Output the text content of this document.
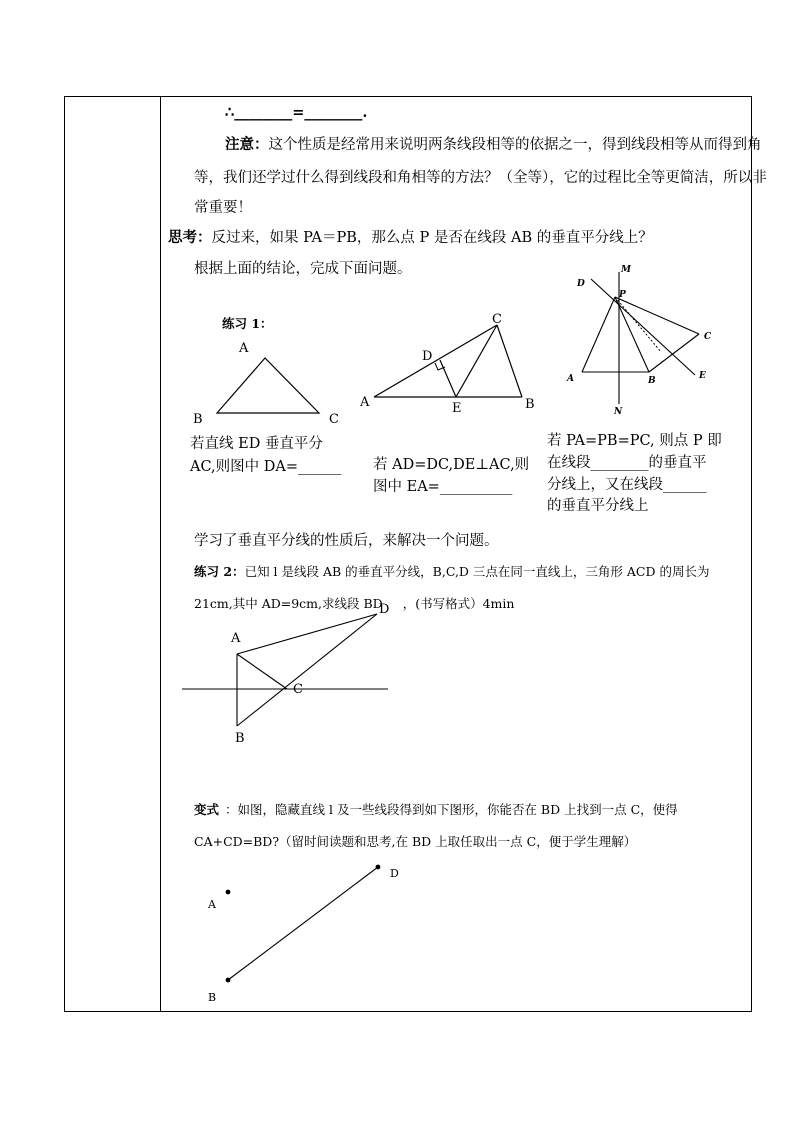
∴________=________.
注意：这个性质是经常用来说明两条线段相等的依据之一，得到线段相等从而得到角
等，我们还学过什么得到线段和角相等的方法？（全等），它的过程比全等更简洁，所以非
常重要！
思考：反过来，如果 PA＝PB，那么点 P 是否在线段 AB 的垂直平分线上？
根据上面的结论，完成下面问题。
练习 1：
A
B	C
A	B
C
D
E
M
D
P
C
A	B	E
N
若直线 ED 垂直平分
AC,则图中 DA=______ 若 AD=DC,DE⊥AC,则
图中 EA=__________
若 PA=PB=PC, 则点 P 即
在线段________的垂直平
分线上，又在线段______
的垂直平分线上
学习了垂直平分线的性质后，来解决一个问题。
练习 2：已知 l 是线段 AB 的垂直平分线，B,C,D 三点在同一直线上，三角形 ACD 的周长为
21cm,其中 AD=9cm,求线段 BD ，(书写格式）4min
A
D
C
B
变式 ：如图，隐藏直线 l 及一些线段得到如下图形，你能否在 BD 上找到一点 C，使得
CA+CD=BD?（留时间读题和思考,在 BD 上取任取出一点 C，便于学生理解）
A
D
B
